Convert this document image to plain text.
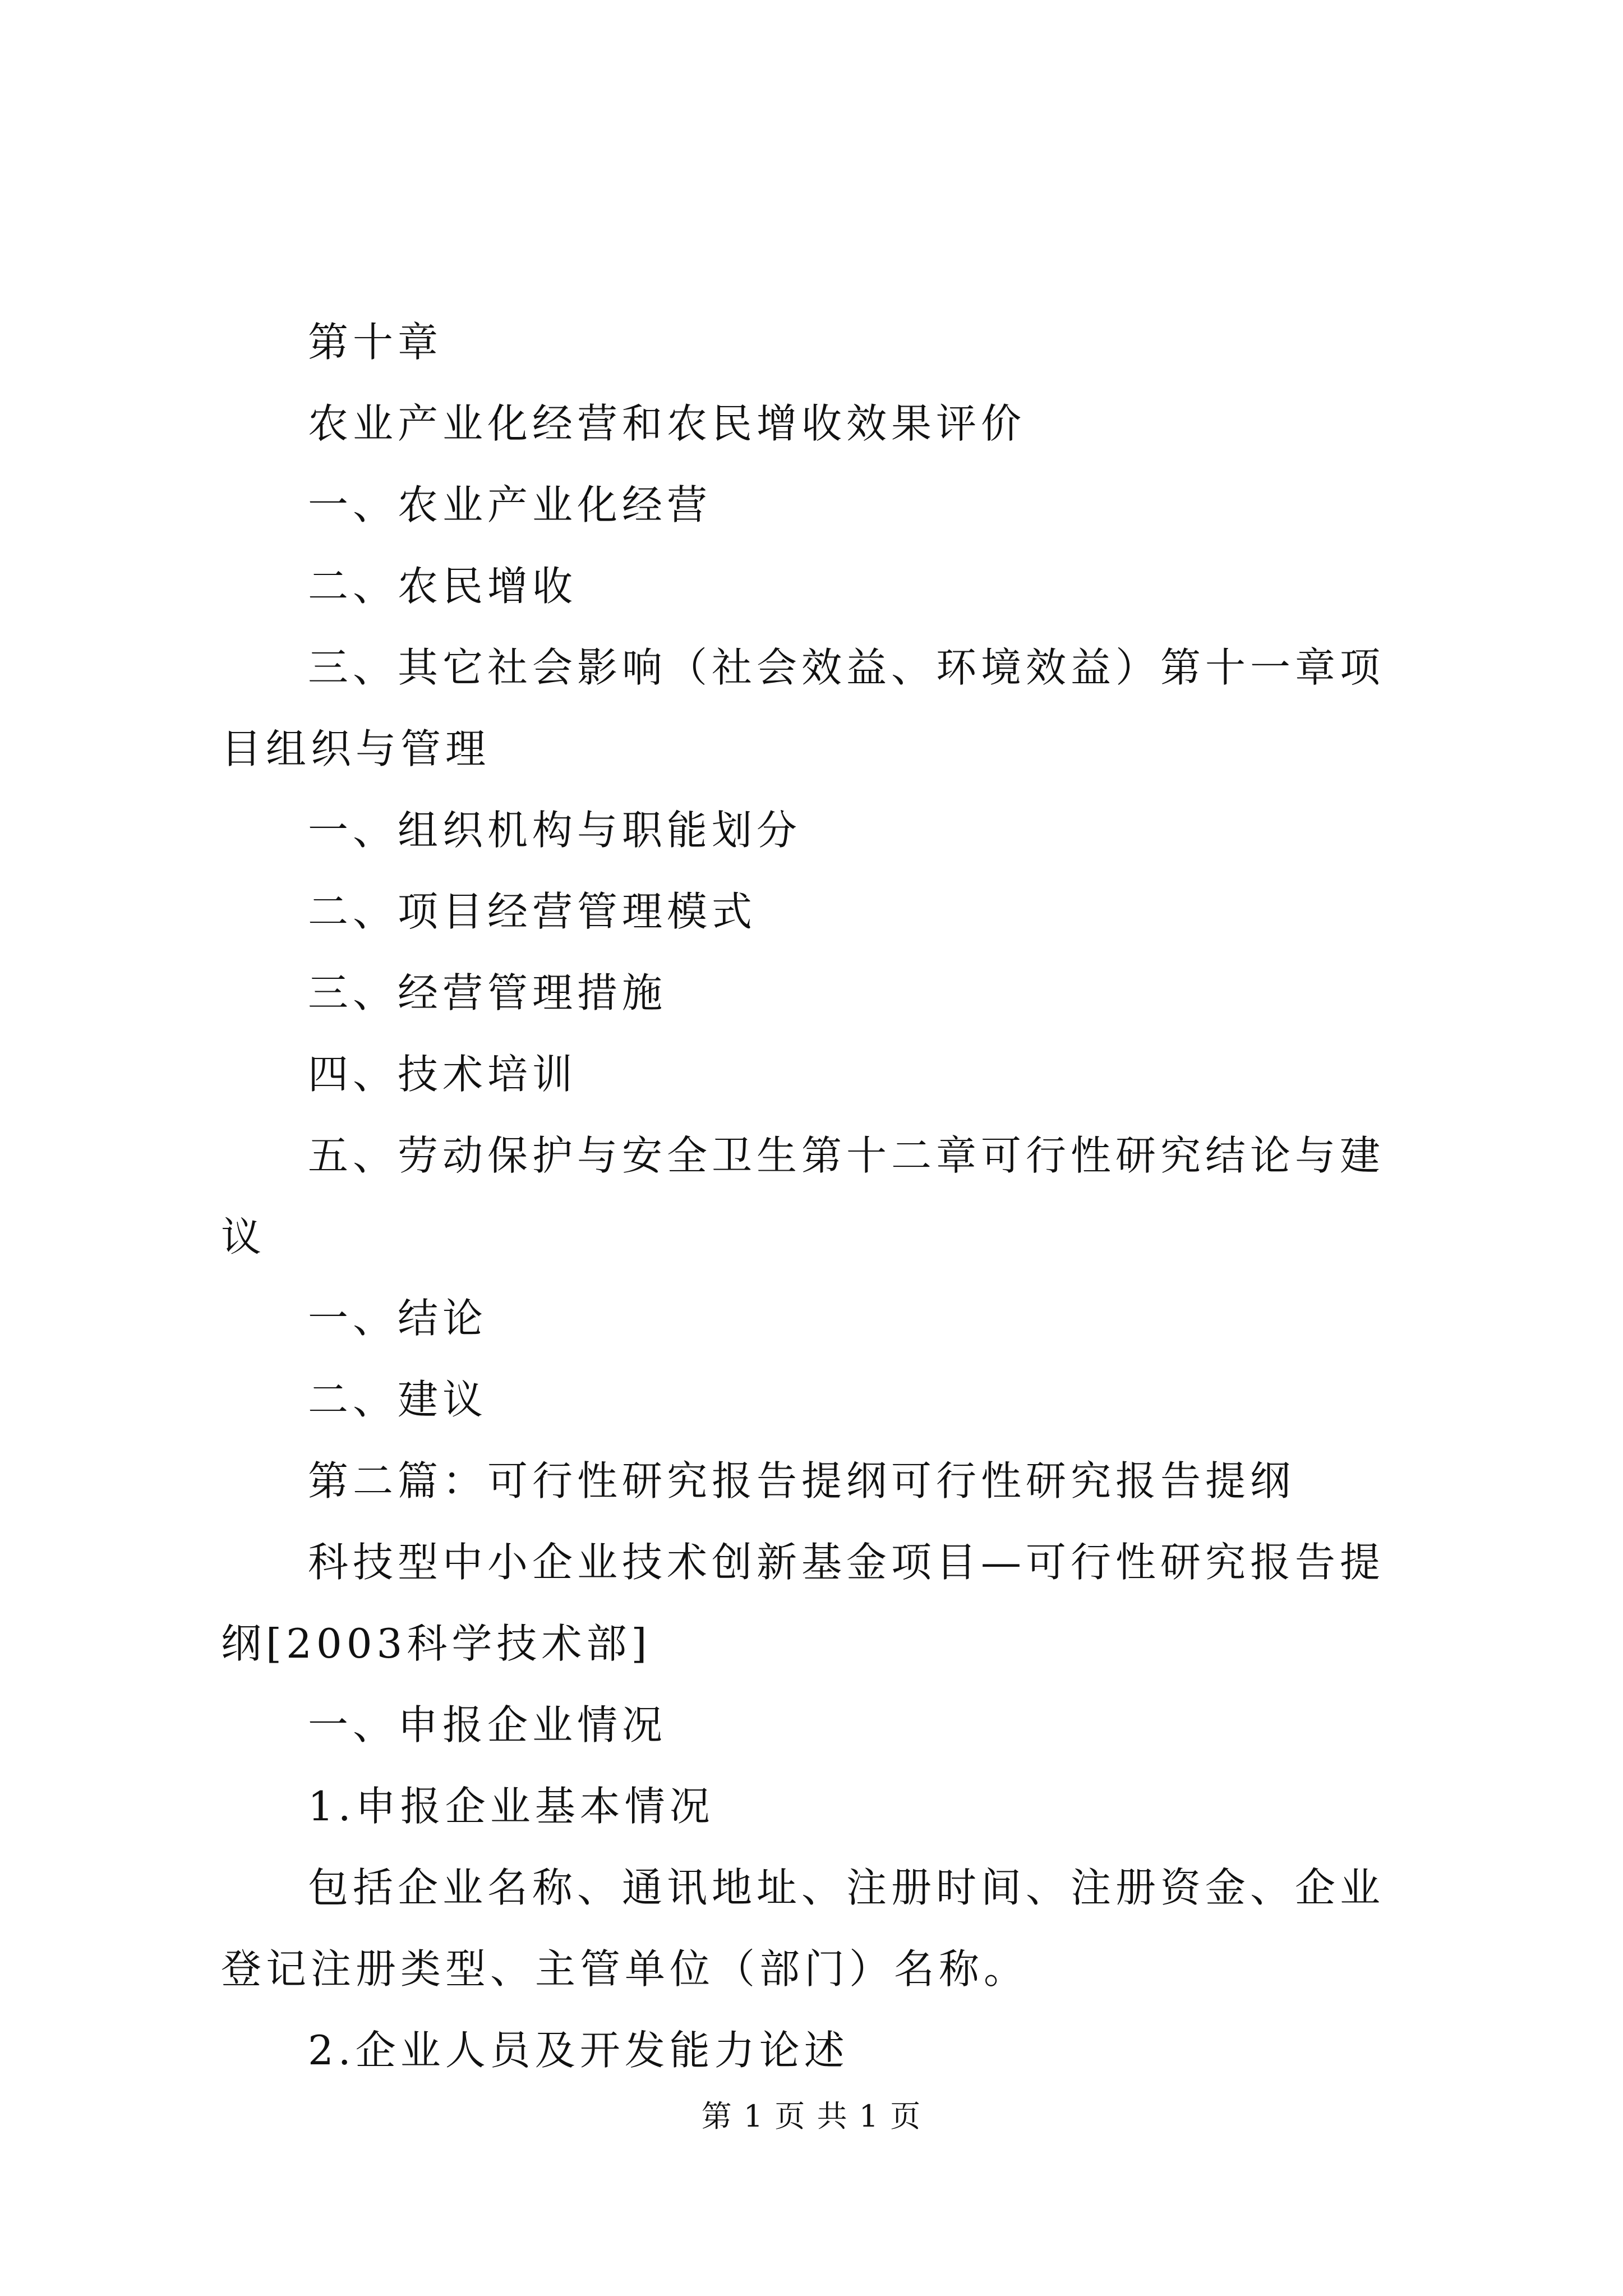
第十章

农业产业化经营和农民增收效果评价

一、农业产业化经营

二、农民增收

三、其它社会影响（社会效益、环境效益）第十一章项目组织与管理

一、组织机构与职能划分

二、项目经营管理模式

三、经营管理措施

四、技术培训

五、劳动保护与安全卫生第十二章可行性研究结论与建议

一、结论

二、建议

第二篇：可行性研究报告提纲可行性研究报告提纲

科技型中小企业技术创新基金项目—可行性研究报告提纲[2003科学技术部]

一、申报企业情况

1.申报企业基本情况

包括企业名称、通讯地址、注册时间、注册资金、企业登记注册类型、主管单位（部门）名称。

2.企业人员及开发能力论述

第 1 页 共 1 页
